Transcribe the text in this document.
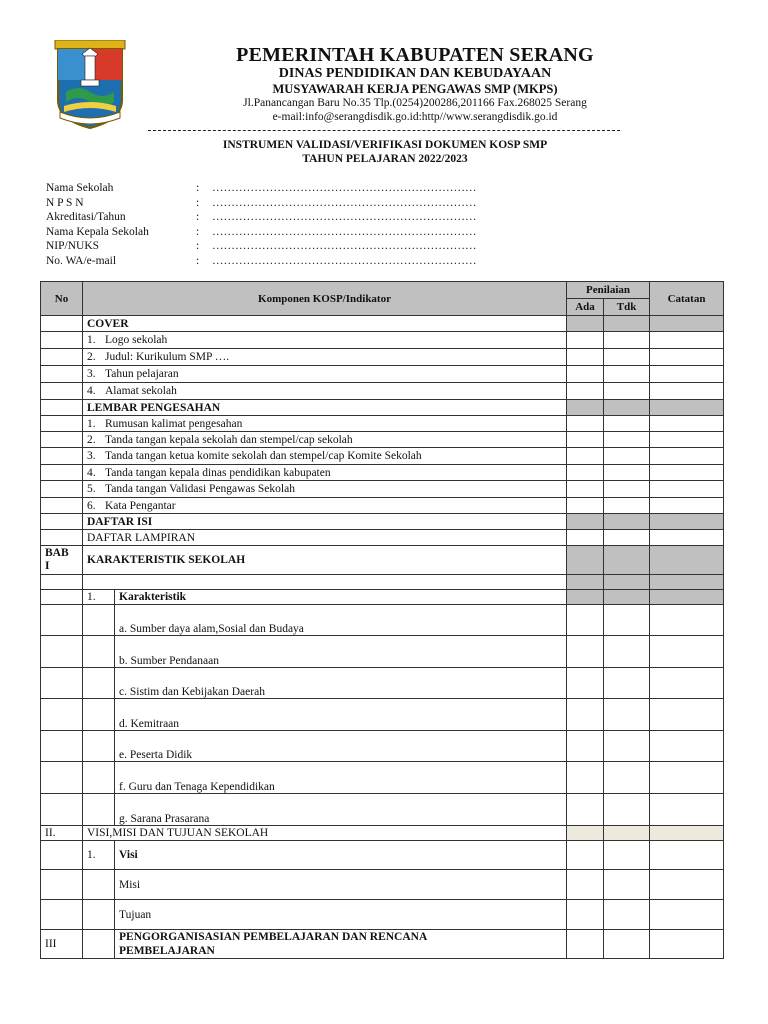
PEMERINTAH KABUPATEN SERANG
DINAS PENDIDIKAN DAN KEBUDAYAAN
MUSYAWARAH KERJA PENGAWAS SMP (MKPS)
Jl.Panancangan Baru No.35 Tlp.(0254)200286,201166 Fax.268025 Serang
e-mail:info@serangdisdik.go.id:http//www.serangdisdik.go.id
INSTRUMEN VALIDASI/VERIFIKASI DOKUMEN KOSP SMP
TAHUN PELAJARAN 2022/2023
Nama Sekolah	: ……………………………………………………………
N P S N	: ……………………………………………………………
Akreditasi/Tahun	: ……………………………………………………………
Nama Kepala Sekolah	: ……………………………………………………………
NIP/NUKS	: ……………………………………………………………
No. WA/e-mail	: ……………………………………………………………
No	Komponen KOSP/Indikator		Penilaian		Catatan
			Ada	Tdk	
	COVER				
	1. Logo sekolah				
	2. Judul: Kurikulum SMP ….				
	3. Tahun pelajaran				
	4. Alamat sekolah				
	LEMBAR PENGESAHAN				
	1. Rumusan kalimat pengesahan				
	2. Tanda tangan kepala sekolah dan stempel/cap sekolah				
	3. Tanda tangan ketua komite sekolah dan stempel/cap Komite Sekolah				
	4. Tanda tangan kepala dinas pendidikan kabupaten				
	5. Tanda tangan Validasi Pengawas Sekolah				
	6. Kata Pengantar				
	DAFTAR ISI				
	DAFTAR LAMPIRAN				
BAB
I	KARAKTERISTIK SEKOLAH				

	1.	Karakteristik			
		a. Sumber daya alam,Sosial dan Budaya			
		b. Sumber Pendanaan			
		c. Sistim dan Kebijakan Daerah			
		d. Kemitraan			
		e. Peserta Didik			
		f. Guru dan Tenaga Kependidikan			
		g. Sarana Prasarana			
II.	VISI,MISI DAN TUJUAN SEKOLAH				
	1.	Visi			
		Misi			
		Tujuan			
III		PENGORGANISASIAN PEMBELAJARAN DAN RENCANA
PEMBELAJARAN			
